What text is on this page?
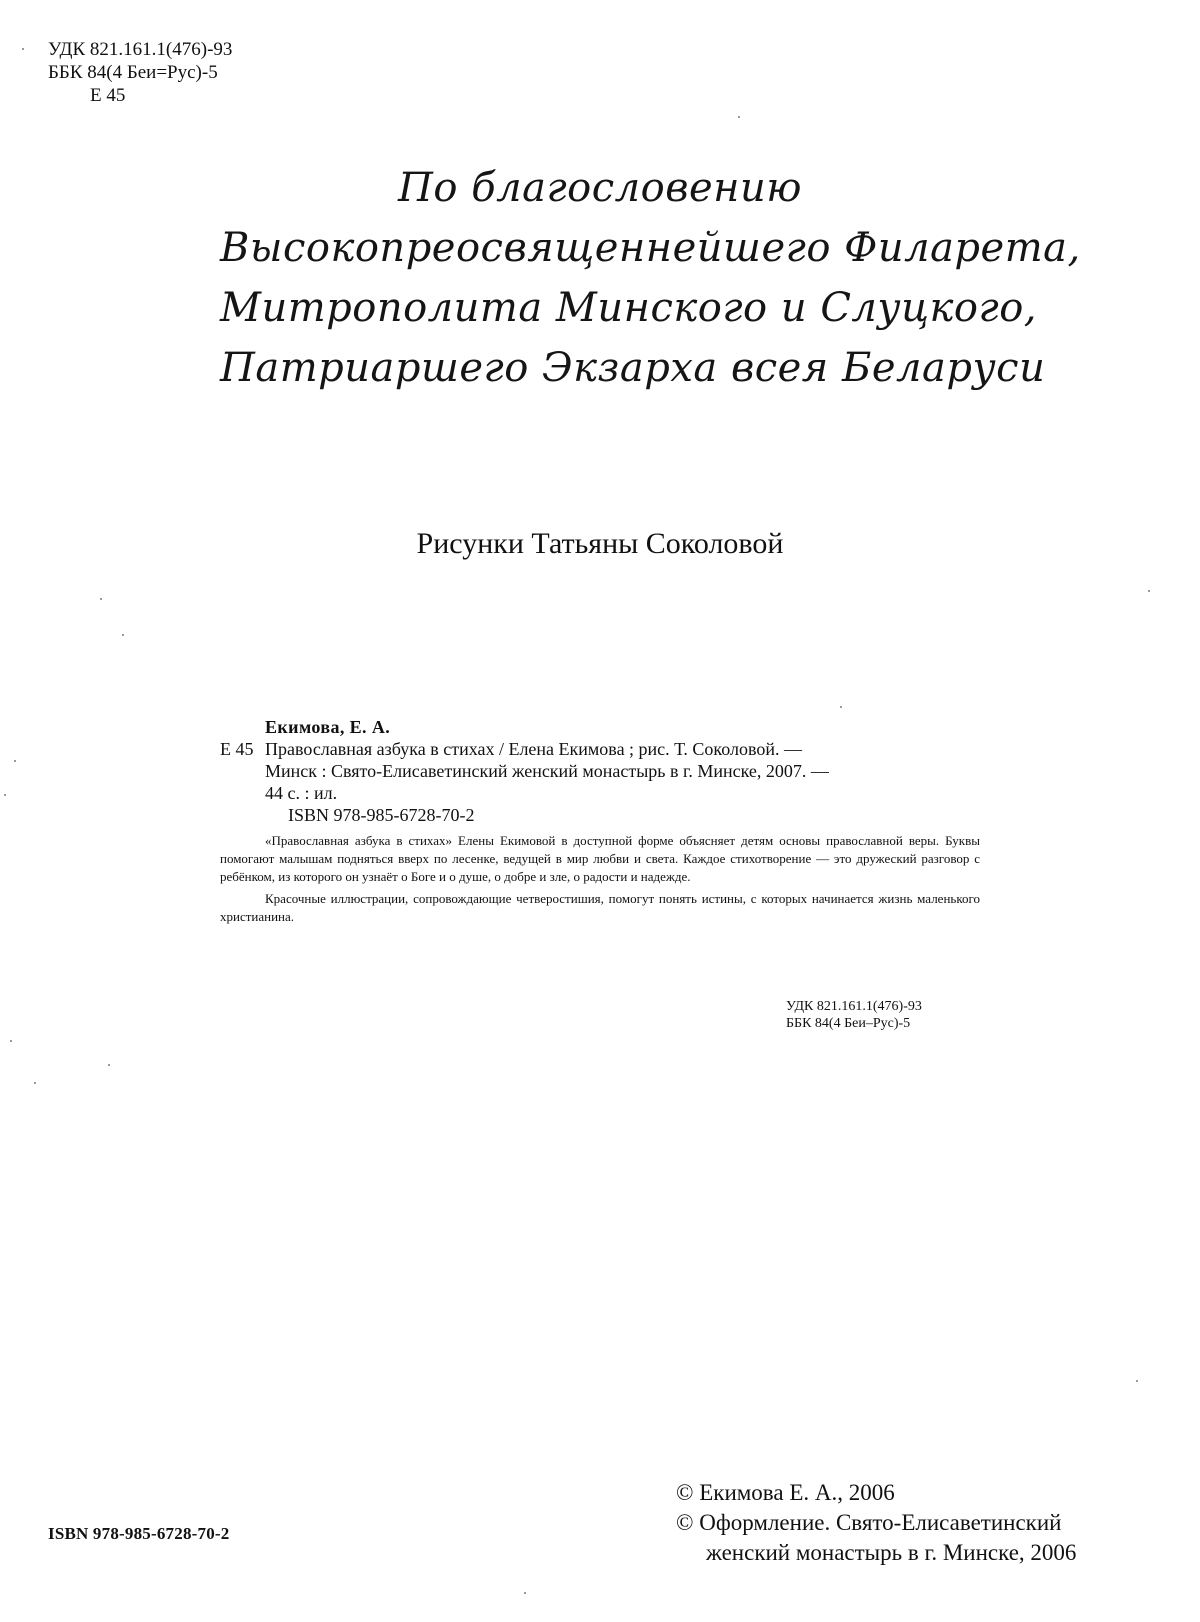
УДК 821.161.1(476)-93
ББК 84(4 Беи=Рус)-5
Е 45
По благословению
Высокопреосвященнейшего Филарета,
Митрополита Минского и Слуцкого,
Патриаршего Экзарха всея Беларуси
Рисунки Татьяны Соколовой
Екимова, Е. А.
Е 45 Православная азбука в стихах / Елена Екимова ; рис. Т. Соколовой. —
Минск : Свято-Елисаветинский женский монастырь в г. Минске, 2007. —
44 с. : ил.
ISBN 978-985-6728-70-2

«Православная азбука в стихах» Елены Екимовой в доступной форме объясняет детям основы православной веры. Буквы помогают малышам подняться вверх по лесенке, ведущей в мир любви и света. Каждое стихотворение — это дружеский разговор с ребёнком, из которого он узнаёт о Боге и о душе, о добре и зле, о радости и надежде.

Красочные иллюстрации, сопровождающие четверостишия, помогут понять истины, с которых начинается жизнь маленького христианина.

УДК 821.161.1(476)-93
ББК 84(4 Беи–Рус)-5
ISBN 978-985-6728-70-2
© Екимова Е. А., 2006
© Оформление. Свято-Елисаветинский
женский монастырь в г. Минске, 2006
